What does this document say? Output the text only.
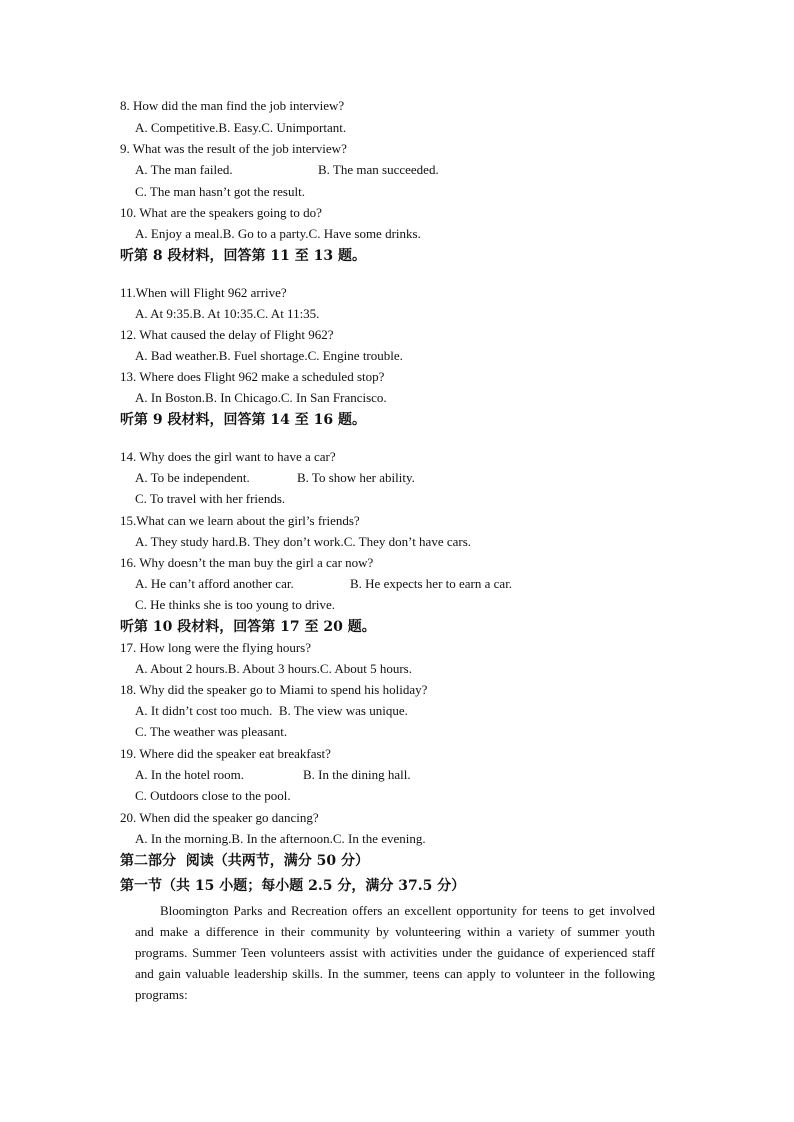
8. How did the man find the job interview?
A. Competitive.B. Easy.C. Unimportant.
9. What was the result of the job interview?
A. The man failed.	B. The man succeeded.
C. The man hasn’t got the result.
10. What are the speakers going to do?
A. Enjoy a meal.B. Go to a party.C. Have some drinks.
听第 8 段材料，回答第 11 至 13 题。
11.When will Flight 962 arrive?
A. At 9:35.B. At 10:35.C. At 11:35.
12. What caused the delay of Flight 962?
A. Bad weather.B. Fuel shortage.C. Engine trouble.
13. Where does Flight 962 make a scheduled stop?
A. In Boston.B. In Chicago.C. In San Francisco.
听第 9 段材料，回答第 14 至 16 题。
14. Why does the girl want to have a car?
A. To be independent.	B. To show her ability.
C. To travel with her friends.
15.What can we learn about the girl’s friends?
A. They study hard.B. They don’t work.C. They don’t have cars.
16. Why doesn’t the man buy the girl a car now?
A. He can’t afford another car.	B. He expects her to earn a car.
C. He thinks she is too young to drive.
听第 10 段材料，回答第 17 至 20 题。
17. How long were the flying hours?
A. About 2 hours.B. About 3 hours.C. About 5 hours.
18. Why did the speaker go to Miami to spend his holiday?
A. It didn’t cost too much.  B. The view was unique.
C. The weather was pleasant.
19. Where did the speaker eat breakfast?
A. In the hotel room.	B. In the dining hall.
C. Outdoors close to the pool.
20. When did the speaker go dancing?
A. In the morning.B. In the afternoon.C. In the evening.
第二部分  阅读（共两节，满分 50 分）
第一节（共 15 小题；每小题 2.5 分，满分 37.5 分）
Bloomington Parks and Recreation offers an excellent opportunity for teens to get involved and make a difference in their community by volunteering within a variety of summer youth programs. Summer Teen volunteers assist with activities under the guidance of experienced staff and gain valuable leadership skills. In the summer, teens can apply to volunteer in the following programs:
